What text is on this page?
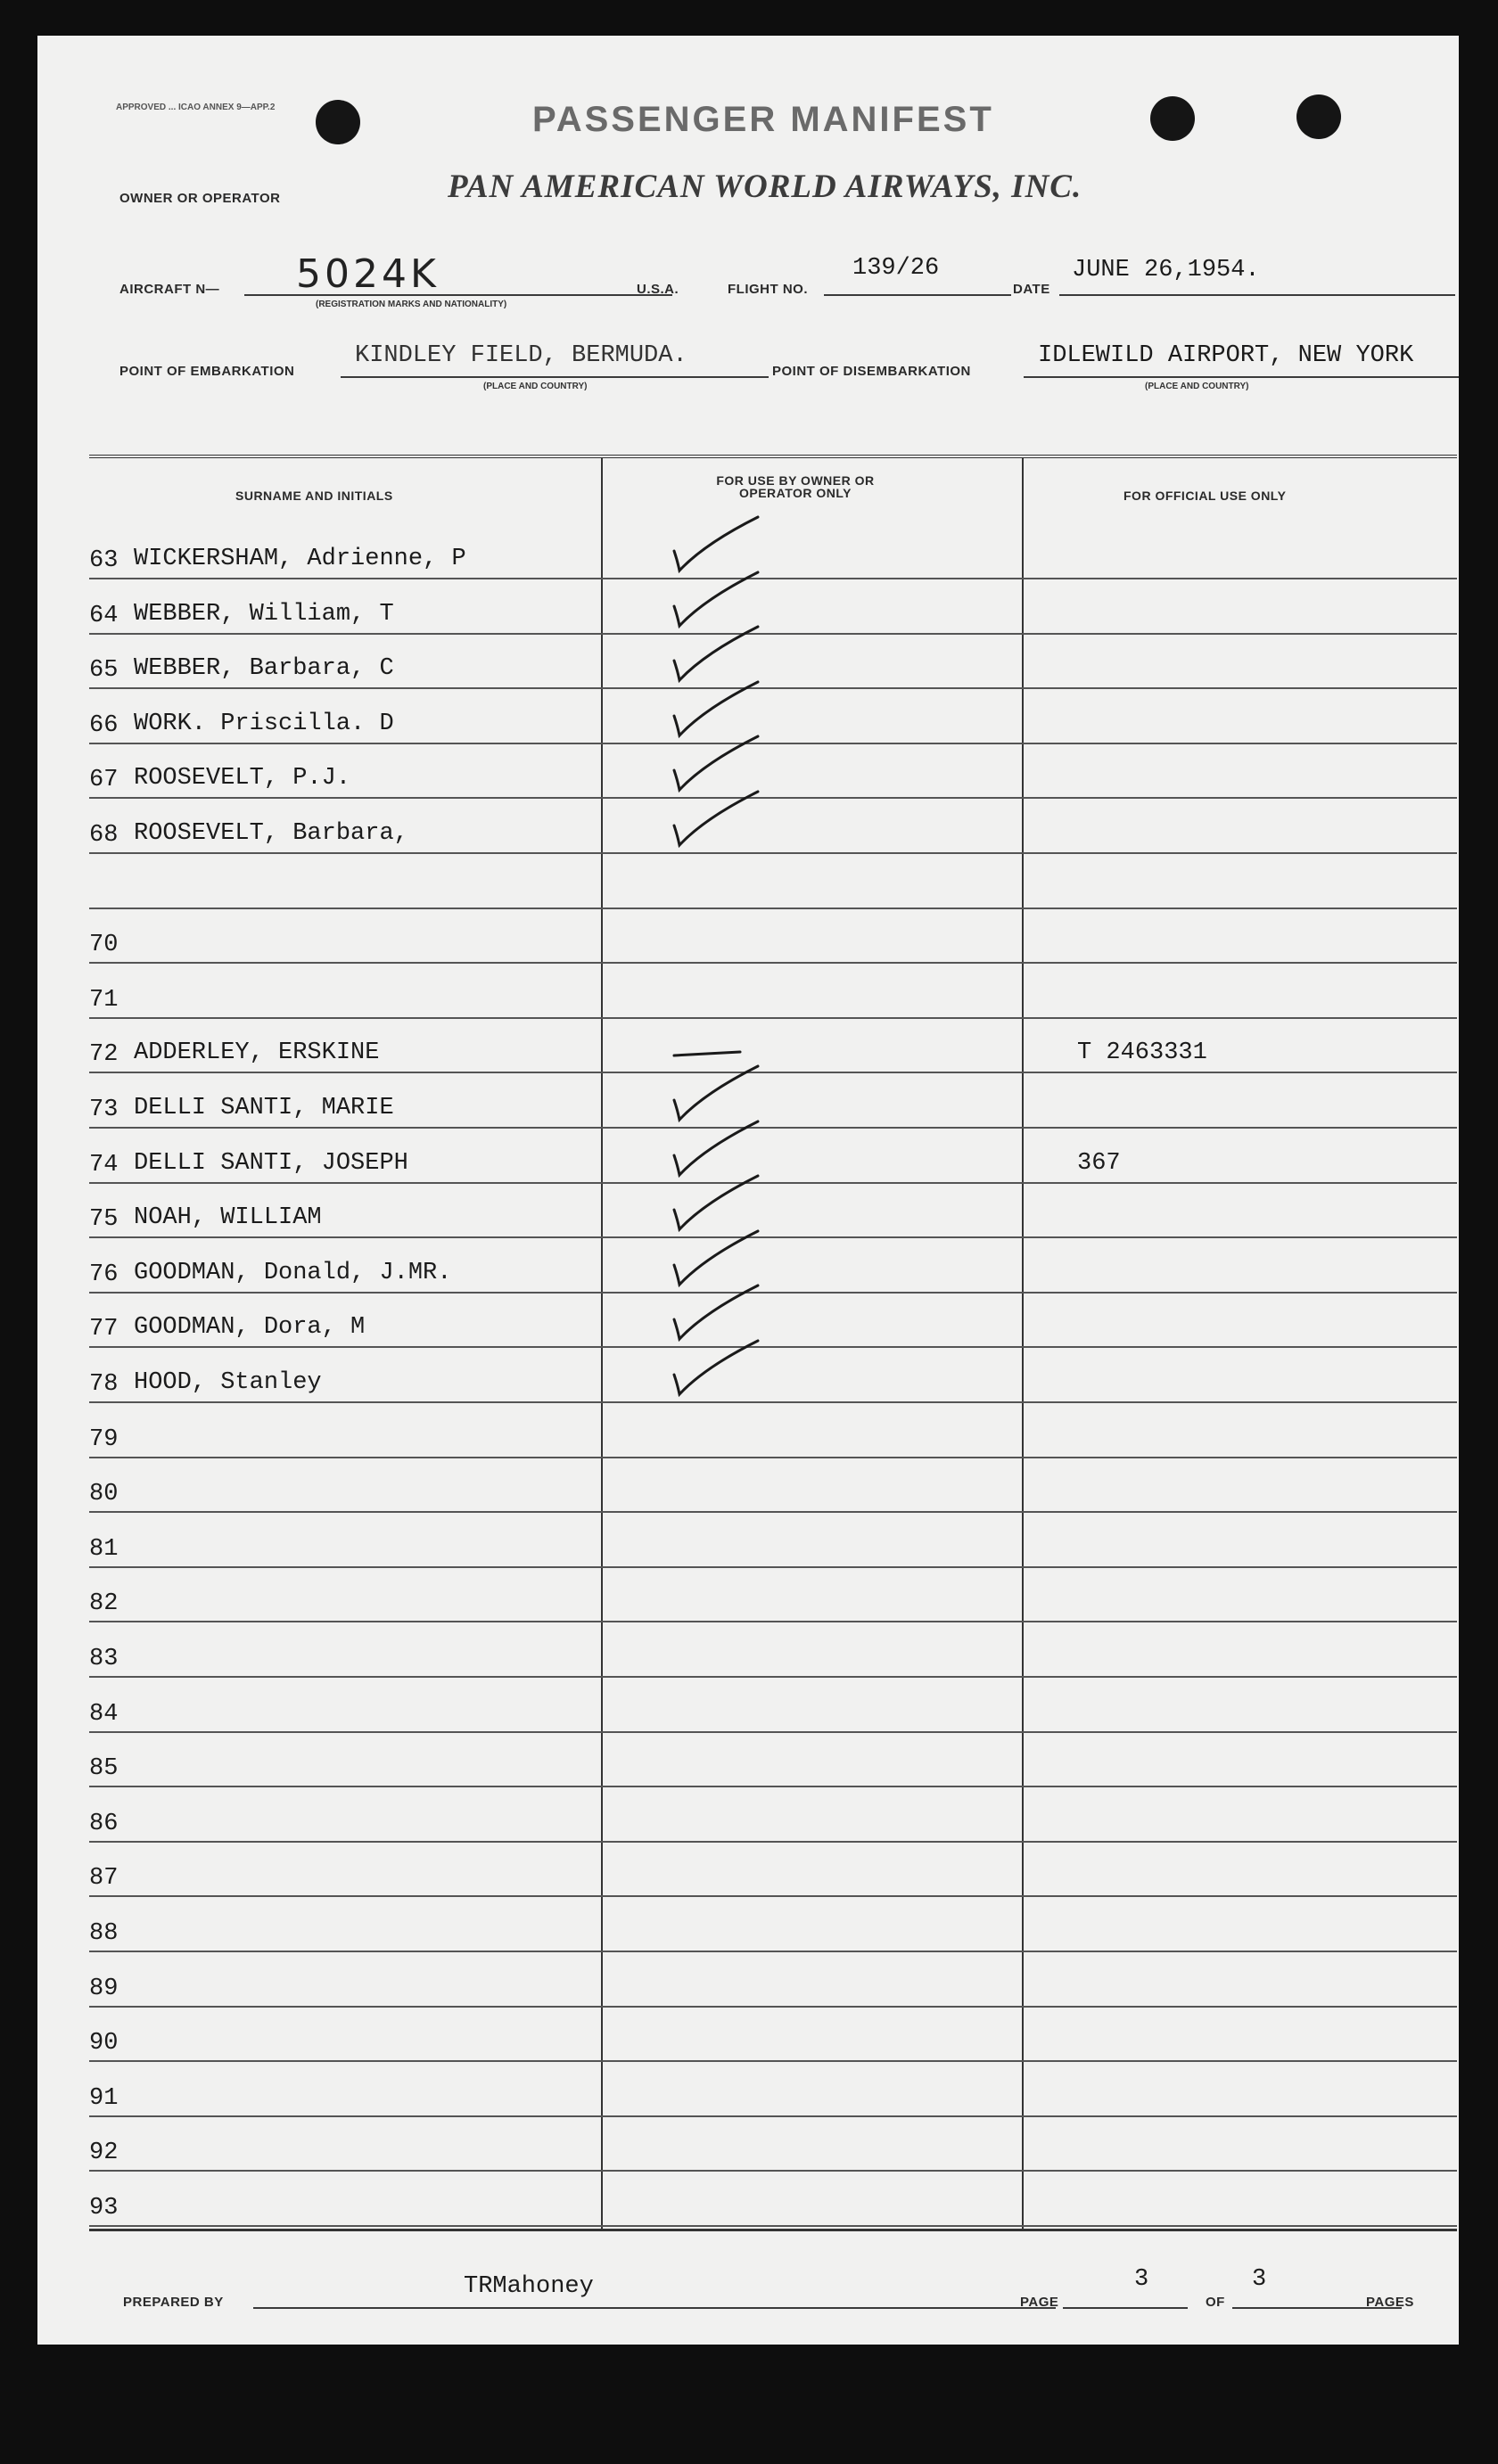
APPROVED ... ICAO ANNEX 9—APP.2	PASSENGER MANIFEST
OWNER OR OPERATOR	PAN AMERICAN WORLD AIRWAYS, INC.
AIRCRAFT N— 5024K
(REGISTRATION MARKS AND NATIONALITY)
U.S.A.	FLIGHT NO.
139/26
DATE
JUNE 26,1954.
POINT OF EMBARKATION
KINDLEY FIELD, BERMUDA.
(PLACE AND COUNTRY)
POINT OF DISEMBARKATION
IDLEWILD AIRPORT, NEW YORK
(PLACE AND COUNTRY)
SURNAME AND INITIALS
FOR USE BY OWNER OR OPERATOR ONLY	FOR OFFICIAL USE ONLY
63 WICKERSHAM, Adrienne, P
64 WEBBER, William, T
65 WEBBER, Barbara, C
66 WORK. Priscilla. D
67 ROOSEVELT, P.J.
68 ROOSEVELT, Barbara,
70
71
72 ADDERLEY, ERSKINE	T 2463331
73 DELLI SANTI, MARIE
74 DELLI SANTI, JOSEPH	367
75 NOAH, WILLIAM
76 GOODMAN, Donald, J.MR.
77 GOODMAN, Dora, M
78 HOOD, Stanley
79
80
81
82
83
84
85
86
87
88
89
90
91
92
93
PREPARED BY
TRMahoney
PAGE
3
OF
3
PAGES
